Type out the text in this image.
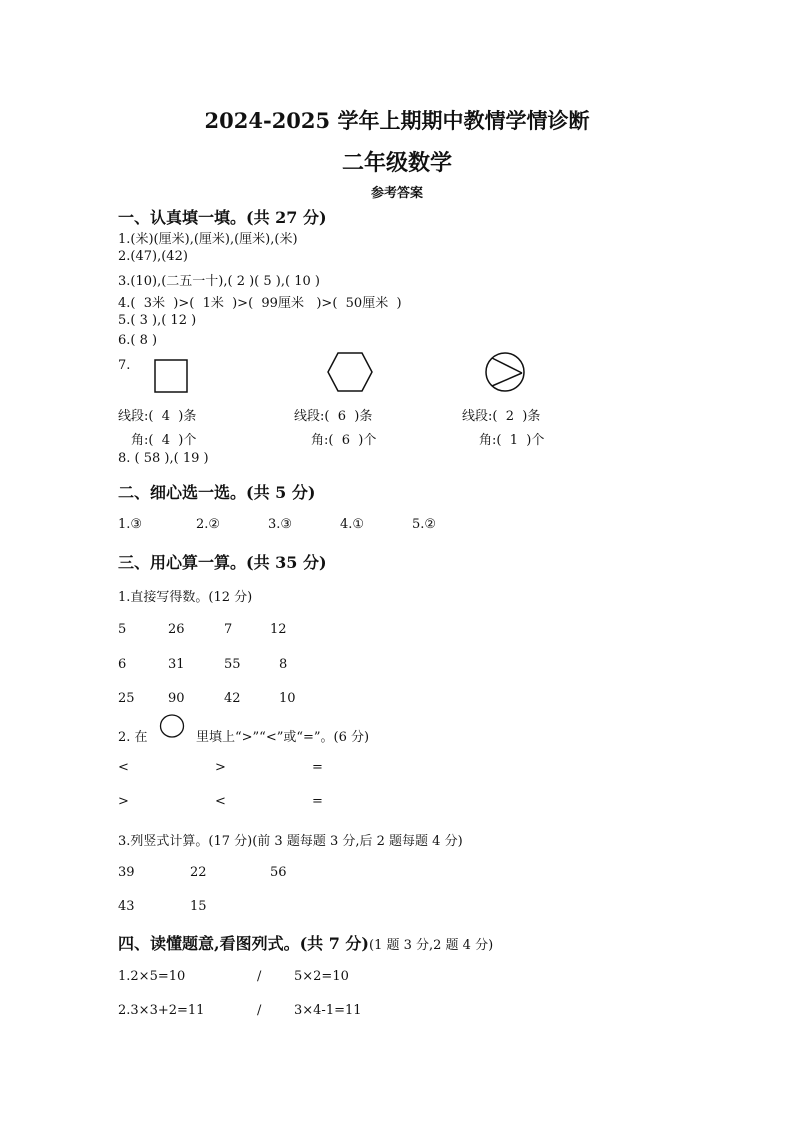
2024-2025 学年上期期中教情学情诊断
二年级数学
参考答案
一、认真填一填。(共 27 分)
1.(米)(厘米),(厘米),(厘米),(米)
2.(47),(42)
3.(10),(二五一十),( 2 )( 5 ),( 10 )
4.(  3米  )>(  1米  )>(  99厘米   )>(  50厘米  )
5.( 3 ),( 12 )
6.( 8 )
7.
线段:(  4  )条	线段:(  6  )条	线段:(  2  )条
角:(  4  )个	角:(  6  )个	角:(  1  )个
8. ( 58 ),( 19 )
二、细心选一选。(共 5 分)
1.③	2.②	3.③	4.①	5.②
三、用心算一算。(共 35 分)
1.直接写得数。(12 分)
5	26	7	12
6	31	55	8
25	90	42	10
2. 在	里填上“>”“<”或“=”。(6 分)
<	>	=
>	<	=
3.列竖式计算。(17 分)(前 3 题每题 3 分,后 2 题每题 4 分)
39	22	56
43	15
四、读懂题意,看图列式。(共 7 分)(1 题 3 分,2 题 4 分)
1.2×5=10	/	5×2=10
2.3×3+2=11	/	3×4-1=11
